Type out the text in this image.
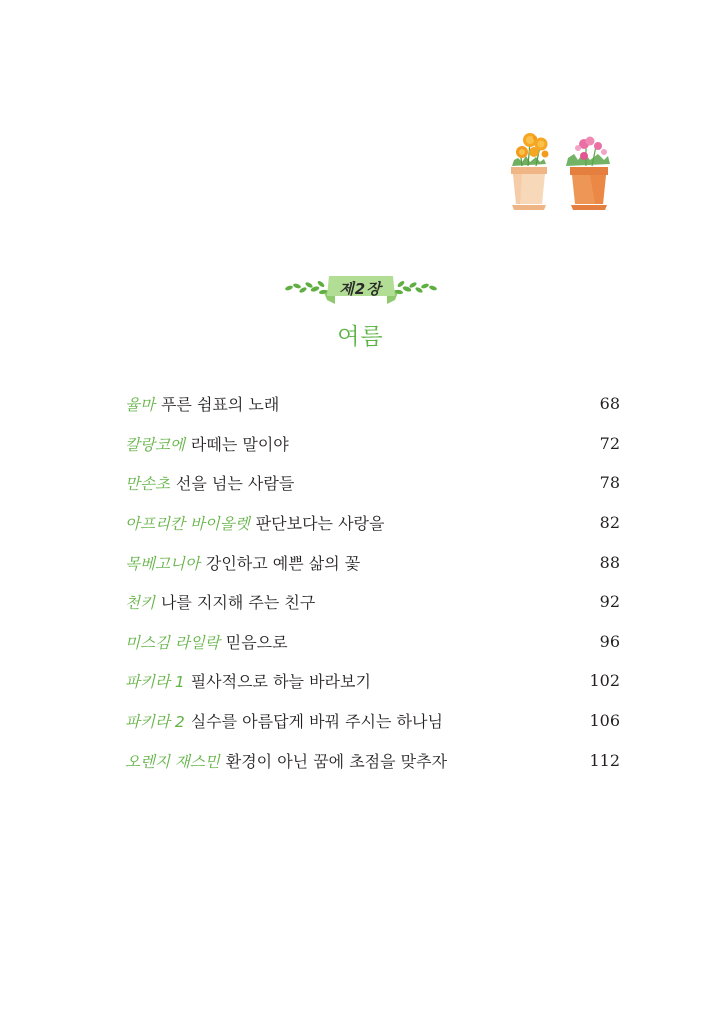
제2장
여름
율마 푸른 쉼표의 노래	68
칼랑코에 라떼는 말이야	72
만손초 선을 넘는 사람들	78
아프리칸 바이올렛 판단보다는 사랑을	82
목베고니아 강인하고 예쁜 삶의 꽃	88
천키 나를 지지해 주는 친구	92
미스김 라일락 믿음으로	96
파키라 1 필사적으로 하늘 바라보기	102
파키라 2 실수를 아름답게 바꿔 주시는 하나님	106
오렌지 재스민 환경이 아닌 꿈에 초점을 맞추자	112
